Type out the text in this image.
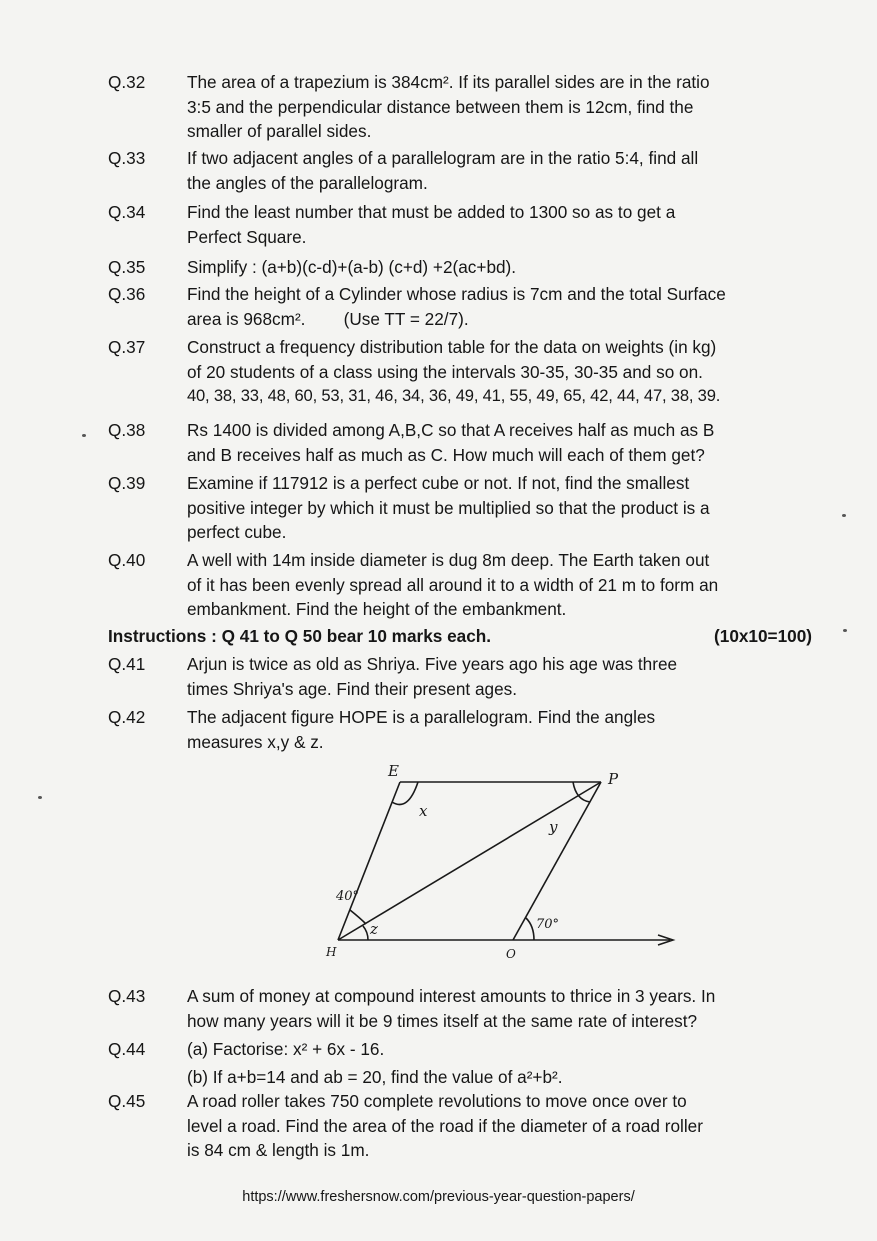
Q.32	The area of a trapezium is 384cm². If its parallel sides are in the ratio
3:5 and the perpendicular distance between them is 12cm, find the
smaller of parallel sides.
Q.33	If two adjacent angles of a parallelogram are in the ratio 5:4, find all
the angles of the parallelogram.
Q.34	Find the least number that must be added to 1300 so as to get a
Perfect Square.
Q.35	Simplify : (a+b)(c-d)+(a-b) (c+d) +2(ac+bd).
Q.36	Find the height of a Cylinder whose radius is 7cm and the total Surface
area is 968cm².        (Use TT = 22/7).
Q.37	Construct a frequency distribution table for the data on weights (in kg)
of 20 students of a class using the intervals 30-35, 30-35 and so on.
40, 38, 33, 48, 60, 53, 31, 46, 34, 36, 49, 41, 55, 49, 65, 42, 44, 47, 38, 39.
Q.38	Rs 1400 is divided among A,B,C so that A receives half as much as B
and B receives half as much as C. How much will each of them get?
Q.39	Examine if 117912 is a perfect cube or not. If not, find the smallest
positive integer by which it must be multiplied so that the product is a
perfect cube.
Q.40	A well with 14m inside diameter is dug 8m deep. The Earth taken out
of it has been evenly spread all around it to a width of 21 m to form an
embankment. Find the height of the embankment.
Instructions : Q 41 to Q 50 bear 10 marks each.	(10x10=100)
Q.41	Arjun is twice as old as Shriya. Five years ago his age was three
times Shriya's age. Find their present ages.
Q.42	The adjacent figure HOPE is a parallelogram. Find the angles
measures x,y & z.
E	P
H	O
x
y
z
40°
70°
Q.43	A sum of money at compound interest amounts to thrice in 3 years. In
how many years will it be 9 times itself at the same rate of interest?
Q.44	(a) Factorise: x² + 6x - 16.
(b) If a+b=14 and ab = 20, find the value of a²+b².
Q.45	A road roller takes 750 complete revolutions to move once over to
level a road. Find the area of the road if the diameter of a road roller
is 84 cm & length is 1m.
https://www.freshersnow.com/previous-year-question-papers/
